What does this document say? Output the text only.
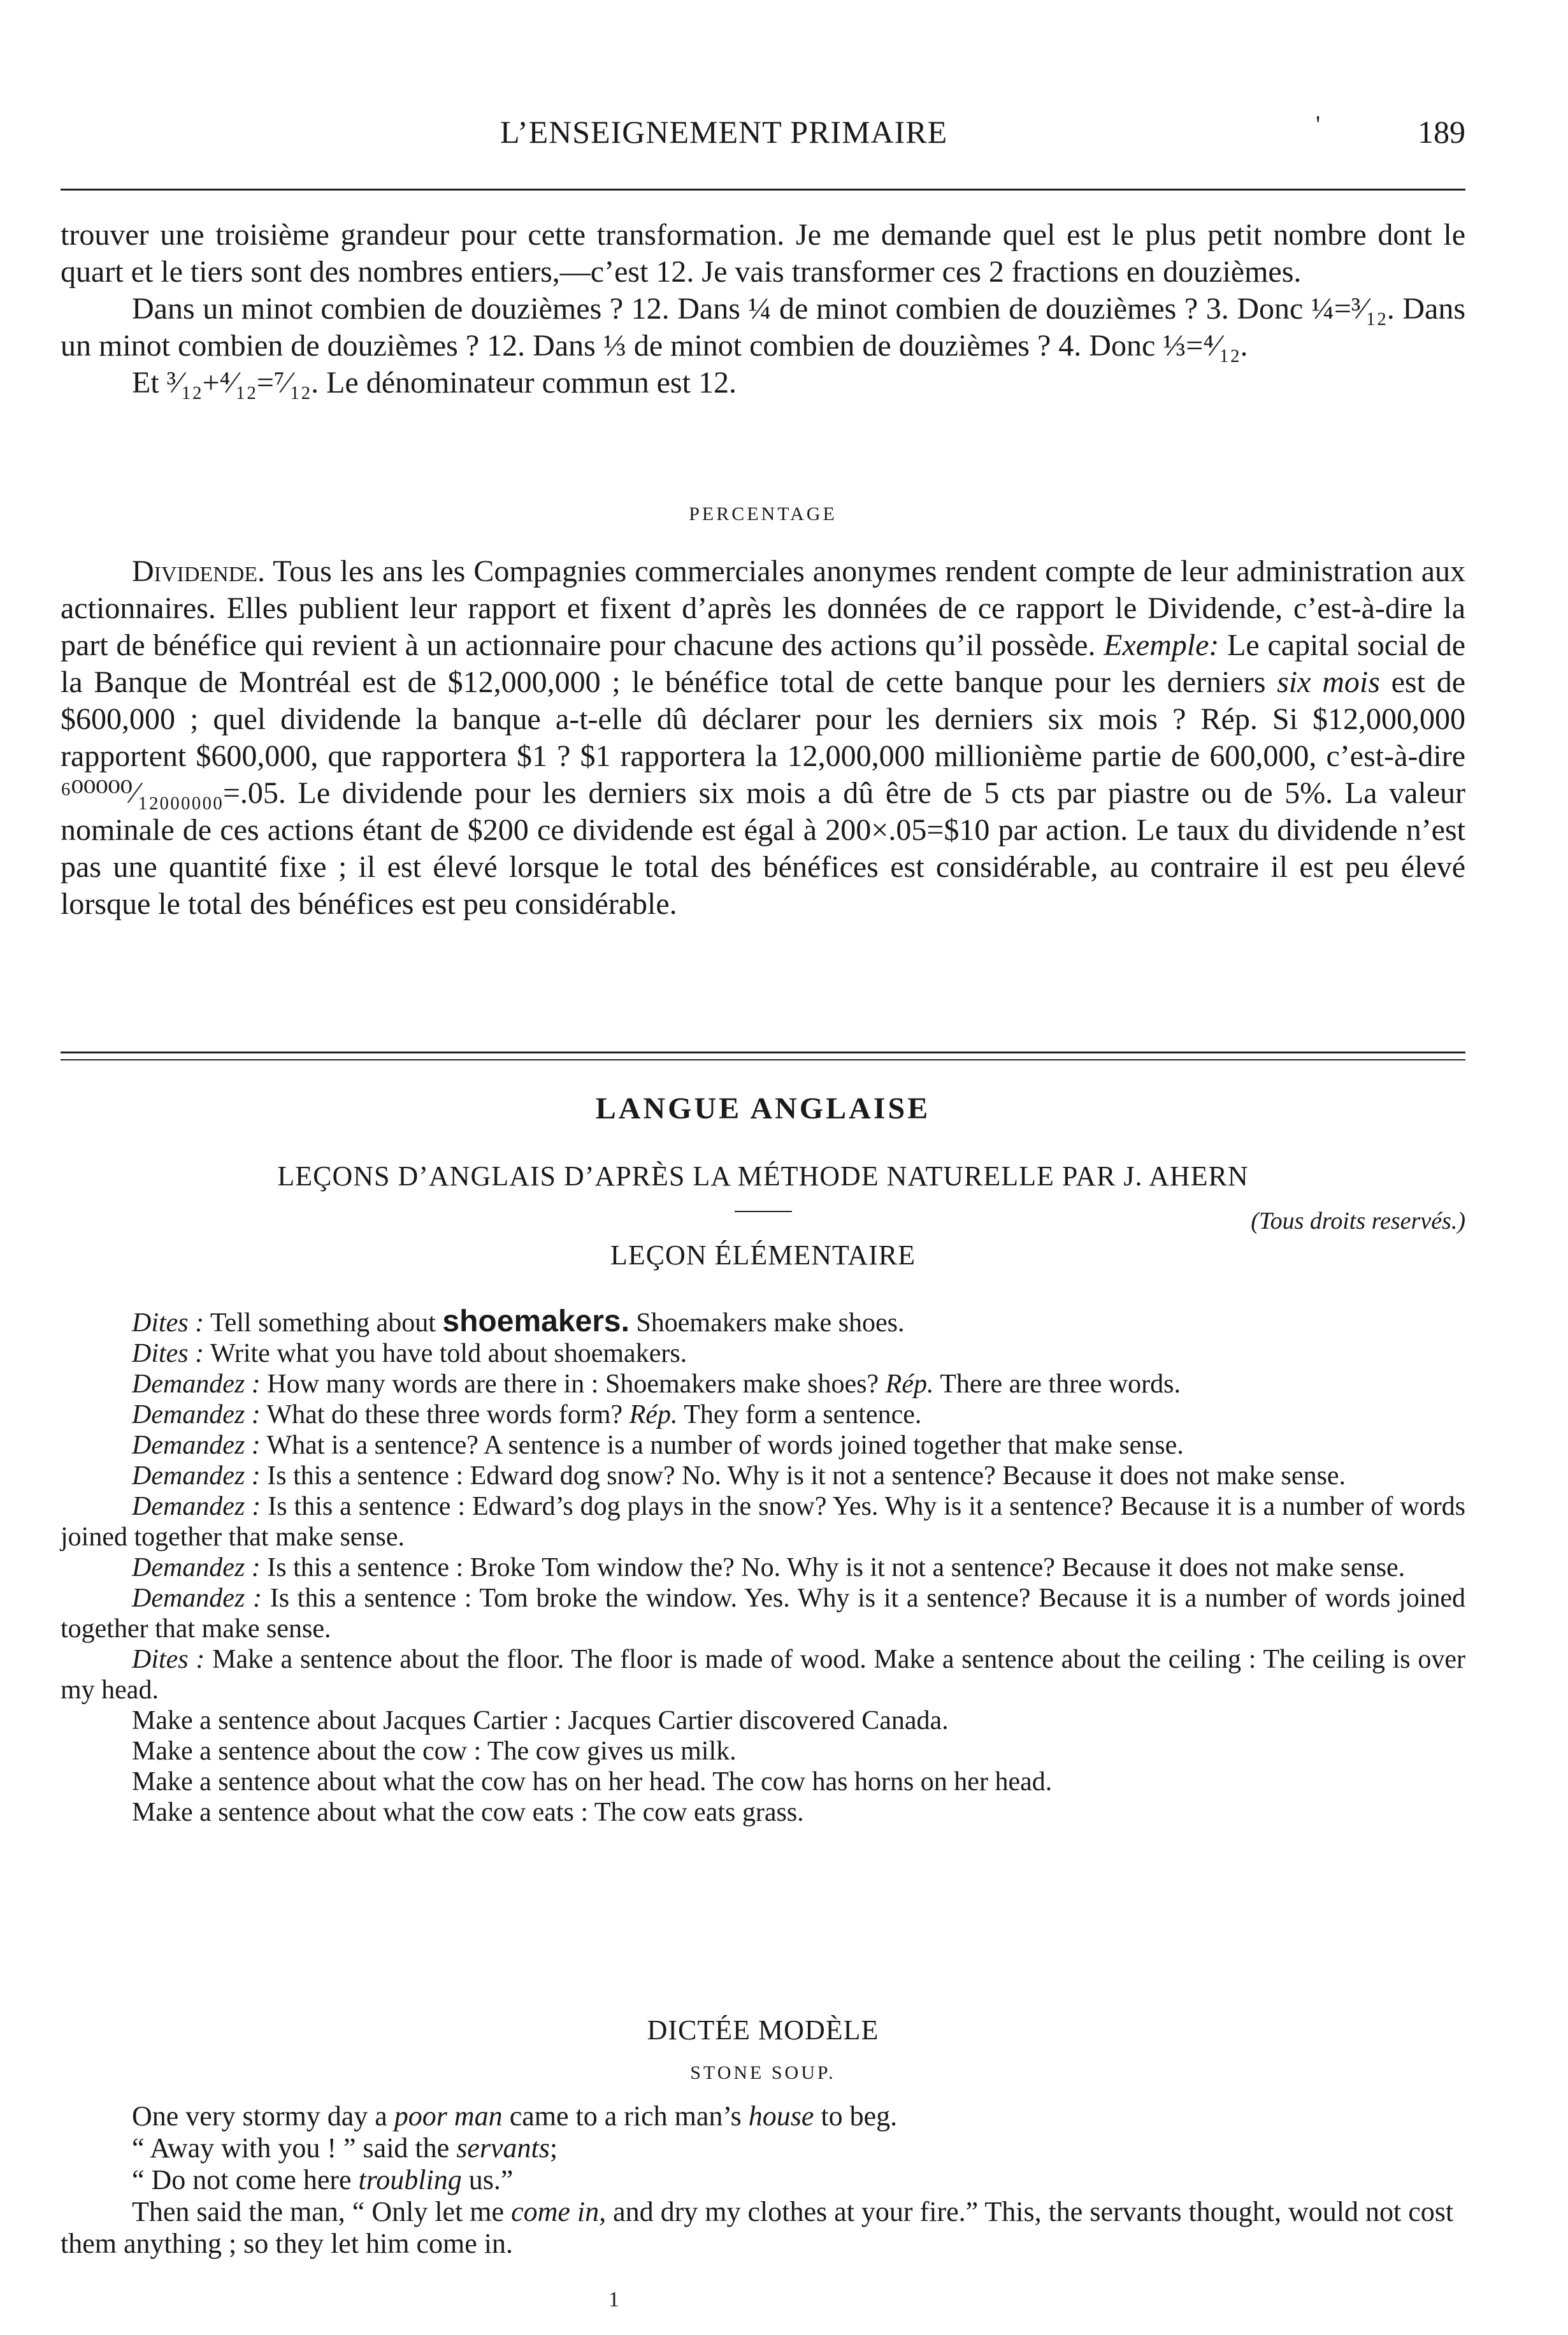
L’ENSEIGNEMENT PRIMAIRE	'	189

trouver une troisième grandeur pour cette transformation. Je me demande quel est le plus petit nombre dont le quart et le tiers sont des nombres entiers,—c’est 12. Je vais transformer ces 2 fractions en douzièmes.

Dans un minot combien de douzièmes ? 12. Dans ¼ de minot combien de douzièmes ? 3. Donc ¼=³⁄₁₂. Dans un minot combien de douzièmes ? 12. Dans ⅓ de minot combien de douzièmes ? 4. Donc ⅓=⁴⁄₁₂.

Et ³⁄₁₂+⁴⁄₁₂=⁷⁄₁₂. Le dénominateur commun est 12.

PERCENTAGE

Dividende. Tous les ans les Compagnies commerciales anonymes rendent compte de leur administration aux actionnaires. Elles publient leur rapport et fixent d’après les données de ce rapport le Dividende, c’est-à-dire la part de bénéfice qui revient à un actionnaire pour chacune des actions qu’il possède. Exemple: Le capital social de la Banque de Montréal est de $12,000,000 ; le bénéfice total de cette banque pour les derniers six mois est de $600,000 ; quel dividende la banque a-t-elle dû déclarer pour les derniers six mois ? Rép. Si $12,000,000 rapportent $600,000, que rapportera $1 ? $1 rapportera la 12,000,000 millionième partie de 600,000, c’est-à-dire ⁶⁰⁰⁰⁰⁰⁄₁₂₀₀₀₀₀₀=.05. Le dividende pour les derniers six mois a dû être de 5 cts par piastre ou de 5%. La valeur nominale de ces actions étant de $200 ce dividende est égal à 200×.05=$10 par action. Le taux du dividende n’est pas une quantité fixe ; il est élevé lorsque le total des bénéfices est considérable, au contraire il est peu élevé lorsque le total des bénéfices est peu considérable.

LANGUE ANGLAISE
LEÇONS D’ANGLAIS D’APRÈS LA MÉTHODE NATURELLE PAR J. AHERN
(Tous droits reservés.)
LEÇON ÉLÉMENTAIRE

Dites : Tell something about shoemakers. Shoemakers make shoes.

Dites : Write what you have told about shoemakers.

Demandez : How many words are there in : Shoemakers make shoes? Rép. There are three words.

Demandez : What do these three words form? Rép. They form a sentence.

Demandez : What is a sentence? A sentence is a number of words joined together that make sense.

Demandez : Is this a sentence : Edward dog snow? No. Why is it not a sentence? Because it does not make sense.

Demandez : Is this a sentence : Edward’s dog plays in the snow? Yes. Why is it a sentence? Because it is a number of words joined together that make sense.

Demandez : Is this a sentence : Broke Tom window the? No. Why is it not a sentence? Because it does not make sense.

Demandez : Is this a sentence : Tom broke the window. Yes. Why is it a sentence? Because it is a number of words joined together that make sense.

Dites : Make a sentence about the floor. The floor is made of wood. Make a sentence about the ceiling : The ceiling is over my head.

Make a sentence about Jacques Cartier : Jacques Cartier discovered Canada.

Make a sentence about the cow : The cow gives us milk.

Make a sentence about what the cow has on her head. The cow has horns on her head.

Make a sentence about what the cow eats : The cow eats grass.

DICTÉE MODÈLE
STONE SOUP.

One very stormy day a poor man came to a rich man’s house to beg.

“ Away with you ! ” said the servants;

“ Do not come here troubling us.”

Then said the man, “ Only let me come in, and dry my clothes at your fire.” This, the servants thought, would not cost them anything ; so they let him come in.

1
